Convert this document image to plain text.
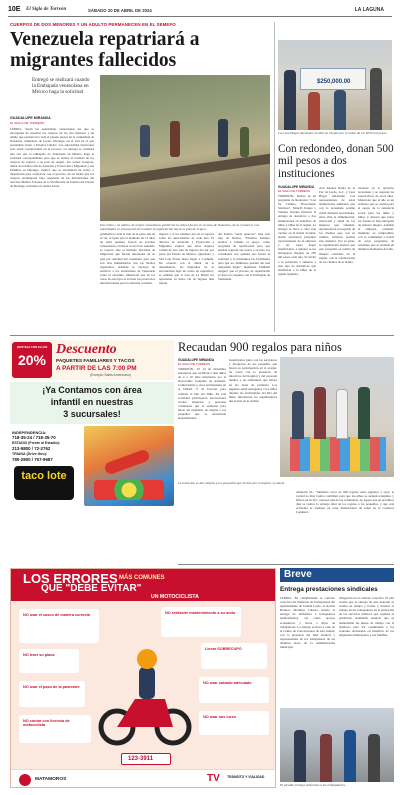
10E El Siglo de Torreón	SÁBADO 20 DE ABRIL DE 2024	LA LAGUNA
CUERPOS DE DOS MENORES Y UN ADULTO PERMANECEN EN EL SEMEFO
Venezuela repatriará a migrantes fallecidos
Dos niños y un adulto, de origen venezolano, perdieron la vida el jueves en la zona de Nazareno, de la Comarca. Las autoridades se encargarán de realizar la repatriación hacia su país de origen.
Entregó se realizará cuando la Embajada venezolana en México haga la solicitud
GUADALUPE MIRANDA
EL SIGLO DE TORREÓN
LERDO.- Serán las autoridades venezolanas las que se encargarán de repatriar los cuerpos de los dos menores y un adulto que perdieron la vida el pasado jueves en la comunidad de Nazareno, municipio de Lerdo, Durango, en el tren en el que pretendían viajar a Estados Unidos. Las autoridades mexicanas solo serán coadyuvantes en el proceso. La entrega se realizará una vez que la embajada de Venezuela en México haga la solicitud correspondiente para que se realice el traslado de los cuerpos de regreso a su país de origen. Job López Góngora, titular de la Dirección de Atención y Protección a Migrantes y sus Familias en Durango, explicó que se encuentran en activo y disposición para coadyuvar con el proceso, de tal forma que los cuerpos permanecen bajo resguardo en las instalaciones del Servicio Médico Forense de la Vicefiscalía de Justicia del Estado de Durango, ubicadas en ciudad Lerdo.
pendiente la vida el tren de la parte alta de la vía, al igual que el hermano de 13 años de edad quienes, fueron de jóvenes venezolanos, al ubicar se del tren. Además, se reportó ante el Instituto Nacional de Migración que fueron internados de su país por solicitud del consulado, pero que son vías humanitarias tras los hechos registrados. Además se encargó de notificar a los autoridades de Venezuela sobre lo sucedido. Mencionó que en los casos de este tipo se activan los protocolos internacionales para la atención consular.
ingreso y si los mismos son en el soporte sobre los antecedentes de cada uno. El director de Atención y Protección a Migrantes explicó que estos viajeros venían de otra ruta de ingreso del sur por parte del Estado de México, Querétaro y San Luis Potosí hasta llegar a Coahuila. De acuerdo con el titular de la dependencia, los migrantes no se encontraban bajo un censo en específico; se señalan que el tren de La Bestia les representa su única vía de ingreso más rápida.
del Estado "suele aparecer" ante este tipo de hechos. "Estamos siempre atentos a brindar el apoyo, como programa de repatriación para que puedan regresar sus restos a su país, los consulados son quienes nos hacen la solicitud y le brindamos las facilidades para que los familiares puedan dar una despedida digna", manifestó. También aseguró que el proceso de repatriación se hace en conjunto con la Embajada de Venezuela.
$250,000.00
La Casa Hogar Abrázame recibió un cheque por el orden de los $250 mil pesos.
Con redondeo, donan 500 mil pesos a dos instituciones
GUADALUPE MIRANDA
EL SIGLO DE TORREÓN
TORREÓN.- Dentro de un programa de Redondeo "Con Su Cambio, Floreciendo Sonrisas", Smurfit Kappa y Tiendas Soriana hicieron la entrega de donativos a dos instituciones en beneficio de niños y niñas de la región. La entrega se llevó a cabo este viernes en la tienda Soriana, donde estuvieron presentes representantes de la empresa y las casas hogar beneficiadas, a quienes se les entregaron cheques de 250 mil pesos cada una. Se invitó a la población a sumarse a este tipo de iniciativas que benefician a la niñez de la región lagunera.
ción Alianza Reina de la Paz de Lerdo, A.C. y Casa Hogar Abrázame. Las representantes de estas instituciones señalaron que con lo recaudado podrán cubrir distintas necesidades, entre ellas la alimentación, educación y salud de los menores que atienden. Agradecieron el respaldo de los clientes que, con su cambio, hicieron posible este donativo. Por su parte, la organización destacó que este programa se realiza de manera constante en la región, con la colaboración de los clientes de la tienda.
tuciones en el ejercicio recaudado y se superan las expectativas de otros años. Mencionó que al año es un esfuerzo que se realiza para el apoyo de la asistencia social para las niñas y niños, y destaca que todos los fondos se han entregado de manera íntegra. Además la empresa, comentó, mantiene su compromiso con la comunidad a través de estos programas de redondeo que se realizan en distintos momentos del año.
¡FESTEJA CON ELLOS
20%
Descuento
PAQUETES FAMILIARES Y TACOS
A PARTIR DE LAS 7:00 PM
(Excepto Sabis Americano)
¡Ya Contamos con área
infantil en nuestras
3 sucursales!
INDEPENDENCIA:
718-35-24 / 718-35-70
ESTADIO (Frente al Estadio):
213-5800 / 72-2762
TRIANA (Drive thru):
780-2800 / 757-9687
taco lote
Recaudan 900 regalos para niños
La intención es dar alegría a los pequeños que luchan por recuperar su salud.
GUADALUPE MIRANDA
EL SIGLO DE TORREÓN
TORREÓN.- El 14 de diciembre estrenaron que recibirán a más niños de 4 a 10 años internados por el Nosocomio Conjunto de Aduanas, Comerciantes y otros participantes en la UMAE 71 de Torreón, para celebrar el Día del Niño. En esta actividad participaron asociaciones civiles, empresas y personas voluntarias que se sumaron para llevar un momento de alegría a los pequeños que se encuentran hospitalizados.
beneficiados junto con los servidores y fotógrafos de los pequeños que hacen su participación en el evento. Se contó con la presencia de directivos del hospital y del personal médico y de enfermería que labora en las áreas de pediatría. Los juguetes serán entregados a los niños durante las festividades del Día del Niño, informaron los organizadores del evento en la ciudad.
Almacén TL. "Juntamos cerca de 900 regalos entre juguetes y ropa; la verdad es muy bonito contribuir para que los niños se sientan tranquilos y felices en su día", expresó una de las voluntarias. Se espera que en próximos días se realice la entrega final de los regalos a los pequeños, y que esta actividad se replique en otras instituciones de salud en la Comarca Lagunera.
LOS ERRORES MÁS COMUNES
QUE "DEBE EVITAR"
UN MOTOCICLISTA
NO usar el casco de manera correcta	NO realizarle mantenimiento a su moto
Llevar SOBRECUPO
NO traer su placa
NO usar calzado adecuado
NO usar el paso de la pastorale
NO contar con licencia de motociclista
NO usar sus luces
123-3911
MATAMOROS	TV TRÁNSITO Y VIALIDAD
Breve
Entrega prestaciones sindicales
LERDO.- En cumplimiento al contrato colectivo del Sindicato de Trabajadores del Ayuntamiento de Ciudad Lerdo, el alcalde Homero Martínez Cabrera realizó la entrega de uniformes a trabajadores sindicalizados, así como apoyos económicos y becas a hijos de trabajadores. La entrega se llevó a cabo en el Centro de Convenciones de esta ciudad, con la presencia del líder sindical y representantes de los trabajadores de las distintas áreas de la administración municipal.
obligación en el contrato colectivo. El edil resaltó que la entrega de este material se realizó en tiempo y forma, y destacó el trabajo de los trabajadores en la prestación de los servicios públicos que requiere la población. Asimismo anunció que se mantendrán las mesas de trabajo con el sindicato para dar continuidad a los acuerdos alcanzados en beneficio de los empleados municipales y sus familias.
El alcalde entregó uniformes a los trabajadores.
